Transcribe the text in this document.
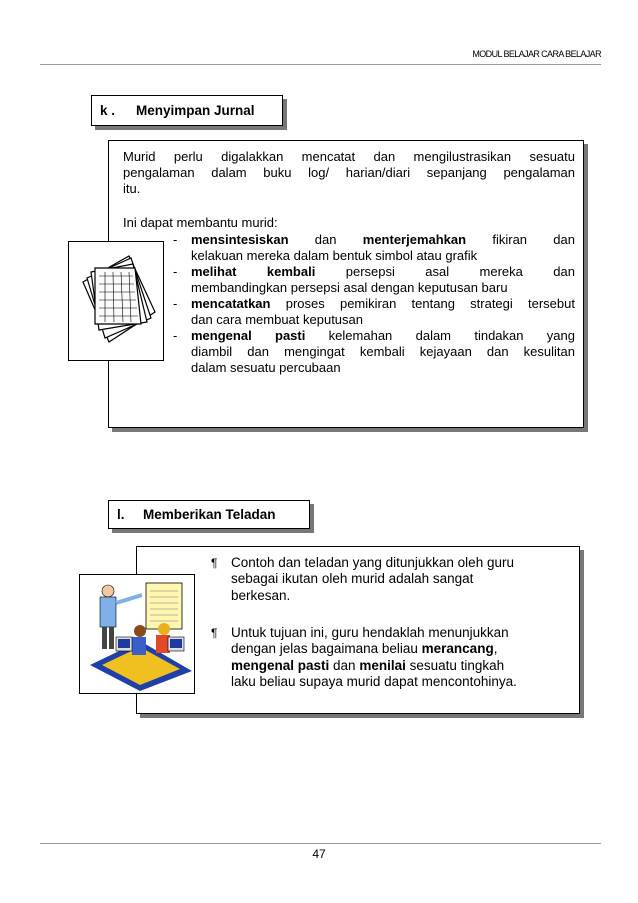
MODUL BELAJAR CARA BELAJAR
k .	Menyimpan Jurnal
Murid perlu digalakkan mencatat dan mengilustrasikan sesuatu
pengalaman dalam buku log/ harian/diari sepanjang pengalaman
itu.
Ini dapat membantu murid:
- mensintesiskan dan menterjemahkan fikiran dan
kelakuan mereka dalam bentuk simbol atau grafik
- melihat kembali persepsi asal mereka dan
membandingkan persepsi asal dengan keputusan baru
- mencatatkan proses pemikiran tentang strategi tersebut
dan cara membuat keputusan
- mengenal pasti kelemahan dalam tindakan yang
diambil dan mengingat kembali kejayaan dan kesulitan
dalam sesuatu percubaan
l.	Memberikan Teladan
¶ Contoh dan teladan yang ditunjukkan oleh guru
sebagai ikutan oleh murid adalah sangat
berkesan.
¶ Untuk tujuan ini, guru hendaklah menunjukkan
dengan jelas bagaimana beliau merancang,
mengenal pasti dan menilai sesuatu tingkah
laku beliau supaya murid dapat mencontohinya.
47
